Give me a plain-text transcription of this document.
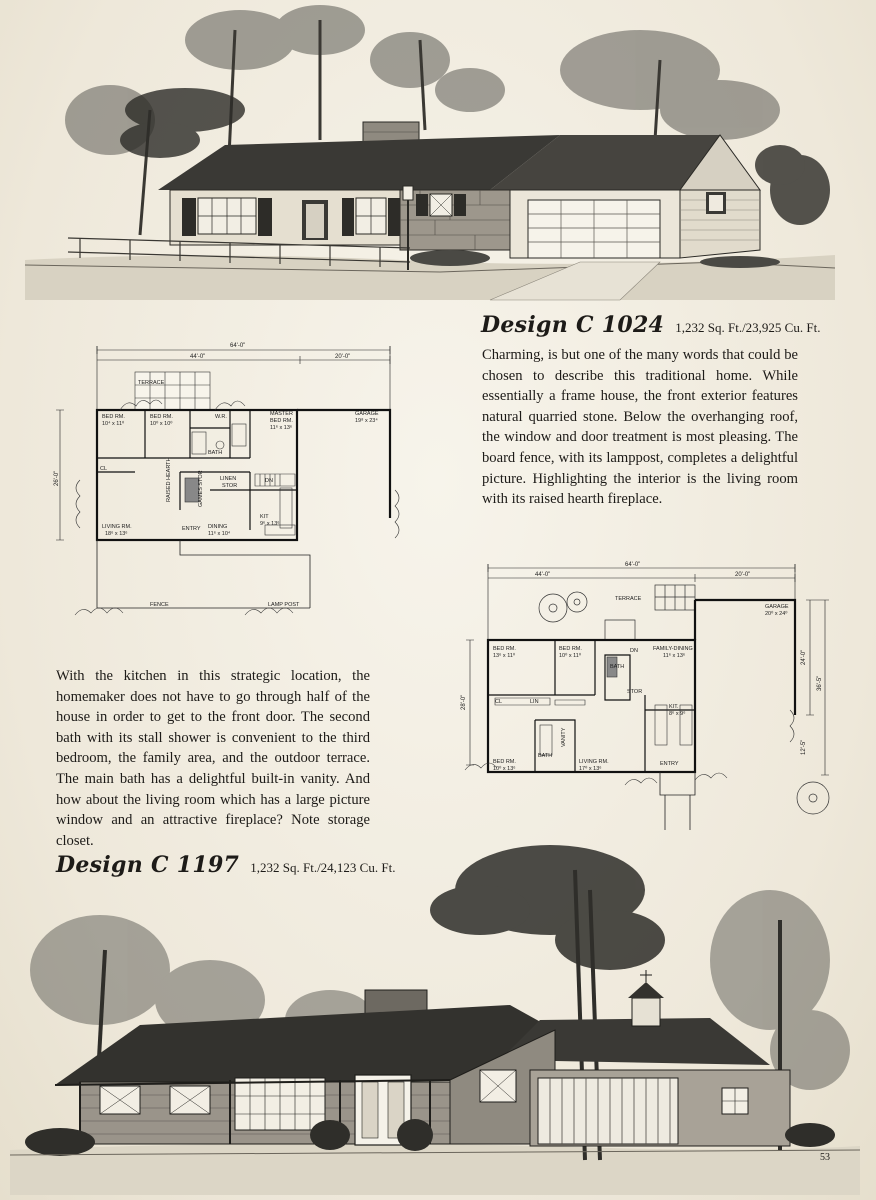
Design C 1024 1,232 Sq. Ft./23,925 Cu. Ft.
Charming, is but one of the many words that could be chosen to describe this traditional home. While essentially a frame house, the front exterior features natural quarried stone. Below the overhanging roof, the window and door treatment is most pleasing. The board fence, with its lamppost, completes a delightful picture. Highlighting the interior is the living room with its raised hearth fireplace.
64'-0"
44'-0"	20'-0"
26'-0"
TERRACE
BED RM.
10⁴ x 11⁰
BED RM.
10⁰ x 10⁰
MASTER
BED RM.
11⁶ x 13⁶
W.R.
BATH
GARAGE
19⁸ x 23⁴
LINEN
STOR
DN
RAISED HEARTH	GAMES STOR
LIVING RM.
18⁶ x 13⁶
ENTRY DINING
11⁶ x 10⁴
KIT
9⁶ x 13⁶
CL
FENCE	LAMP POST
64'-0"
44'-0"	20'-0"
28'-0"
24'-0"
36'-5"
12'-5"
TERRACE
GARAGE
20⁰ x 24⁰
BED RM.
13⁶ x 11⁰
BED RM.
10⁰ x 11⁰
FAMILY-DINING
11⁶ x 13⁶
BATH
DN
STOR
KIT.
8⁶ x 9⁶
BED RM.
10⁰ x 13⁶
LIVING RM.
17⁰ x 13⁶
ENTRY
BATH
VANITY
LIN
CL
With the kitchen in this strategic location, the homemaker does not have to go through half of the house in order to get to the front door. The second bath with its stall shower is convenient to the third bedroom, the family area, and the outdoor terrace. The main bath has a delightful built-in vanity. And how about the living room which has a large picture window and an attractive fireplace? Note storage closet.
Design C 1197 1,232 Sq. Ft./24,123 Cu. Ft.
53
